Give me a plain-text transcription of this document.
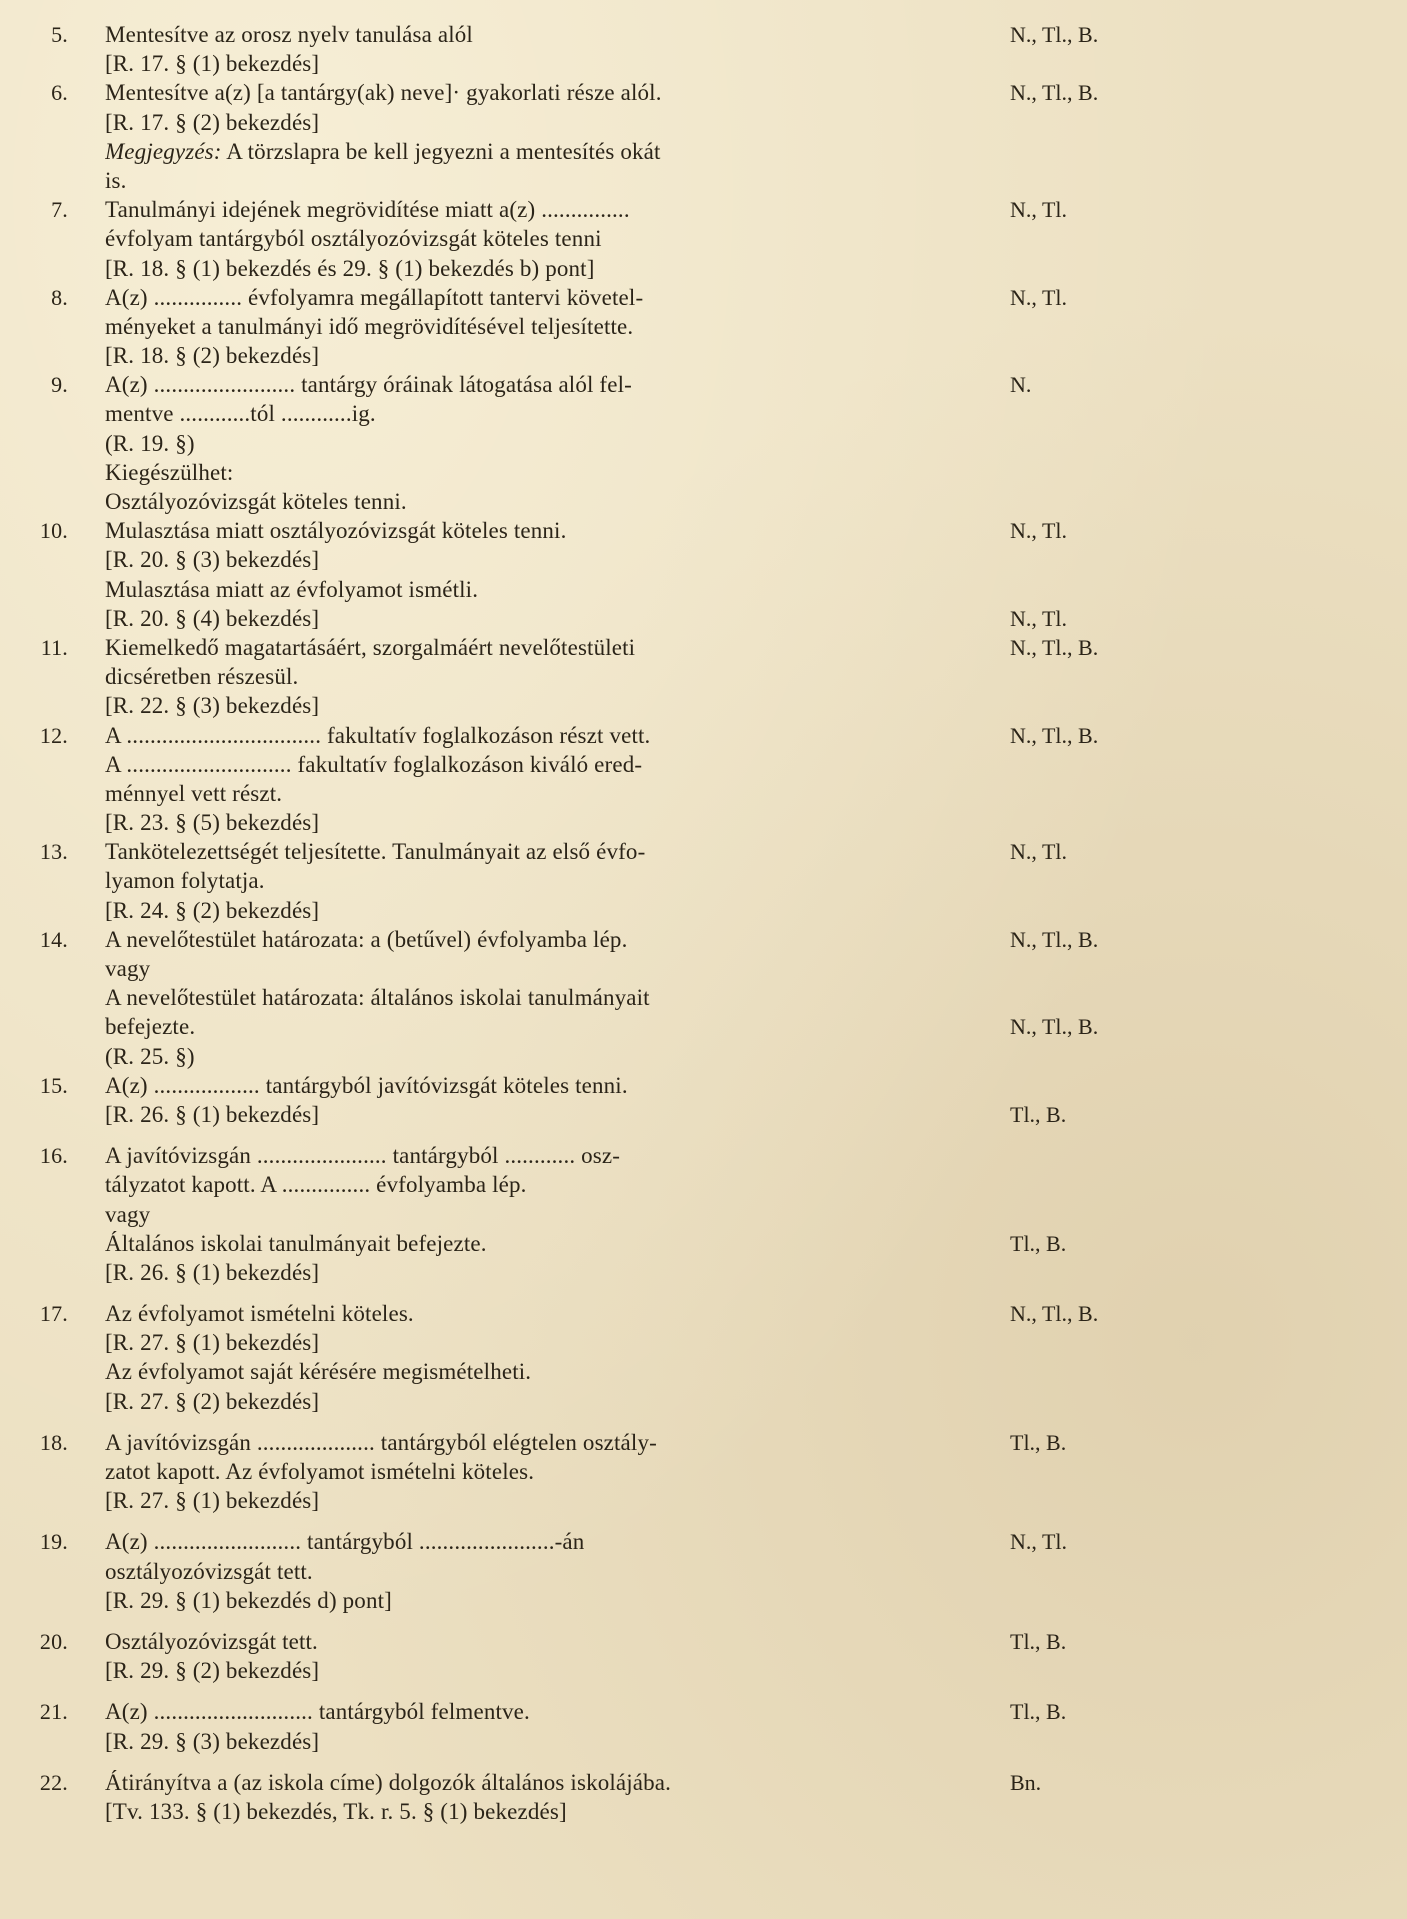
5. Mentesítve az orosz nyelv tanulása alól
[R. 17. § (1) bekezdés]
N., Tl., B.
6. Mentesítve a(z) [a tantárgy(ak) neve]· gyakorlati része alól.
[R. 17. § (2) bekezdés]
Megjegyzés: A törzslapra be kell jegyezni a mentesítés okát
is.
N., Tl., B.
7. Tanulmányi idejének megrövidítése miatt a(z) ...............
évfolyam tantárgyból osztályozóvizsgát köteles tenni
[R. 18. § (1) bekezdés és 29. § (1) bekezdés b) pont]
N., Tl.
8. A(z) ............... évfolyamra megállapított tantervi követel-
ményeket a tanulmányi idő megrövidítésével teljesítette.
[R. 18. § (2) bekezdés]
N., Tl.
9. A(z) ........................ tantárgy óráinak látogatása alól fel-
mentve ............tól ............ig.
(R. 19. §)
Kiegészülhet:
Osztályozóvizsgát köteles tenni.
N.
10. Mulasztása miatt osztályozóvizsgát köteles tenni.
[R. 20. § (3) bekezdés]
Mulasztása miatt az évfolyamot ismétli.
[R. 20. § (4) bekezdés]
N., Tl.
N., Tl.
11. Kiemelkedő magatartásáért, szorgalmáért nevelőtestületi
dicséretben részesül.
[R. 22. § (3) bekezdés]
N., Tl., B.
12. A ................................. fakultatív foglalkozáson részt vett.
A ............................ fakultatív foglalkozáson kiváló ered-
ménnyel vett részt.
[R. 23. § (5) bekezdés]
N., Tl., B.
13. Tankötelezettségét teljesítette. Tanulmányait az első évfo-
lyamon folytatja.
[R. 24. § (2) bekezdés]
N., Tl.
14. A nevelőtestület határozata: a (betűvel) évfolyamba lép.
vagy
A nevelőtestület határozata: általános iskolai tanulmányait
befejezte.
(R. 25. §)
N., Tl., B.
N., Tl., B.
15. A(z) .................. tantárgyból javítóvizsgát köteles tenni.
[R. 26. § (1) bekezdés]	Tl., B.
16. A javítóvizsgán ...................... tantárgyból ............ osz-
tályzatot kapott. A ............... évfolyamba lép.
vagy
Általános iskolai tanulmányait befejezte.
[R. 26. § (1) bekezdés]
Tl., B.
17. Az évfolyamot ismételni köteles.
[R. 27. § (1) bekezdés]
Az évfolyamot saját kérésére megismételheti.
[R. 27. § (2) bekezdés]
N., Tl., B.
18. A javítóvizsgán .................... tantárgyból elégtelen osztály-
zatot kapott. Az évfolyamot ismételni köteles.
[R. 27. § (1) bekezdés]
Tl., B.
19. A(z) ......................... tantárgyból .......................-án
osztályozóvizsgát tett.
[R. 29. § (1) bekezdés d) pont]
N., Tl.
20. Osztályozóvizsgát tett.
[R. 29. § (2) bekezdés]
Tl., B.
21. A(z) ........................... tantárgyból felmentve.
[R. 29. § (3) bekezdés]
Tl., B.
22. Átirányítva a (az iskola címe) dolgozók általános iskolájába.
[Tv. 133. § (1) bekezdés, Tk. r. 5. § (1) bekezdés]
Bn.
